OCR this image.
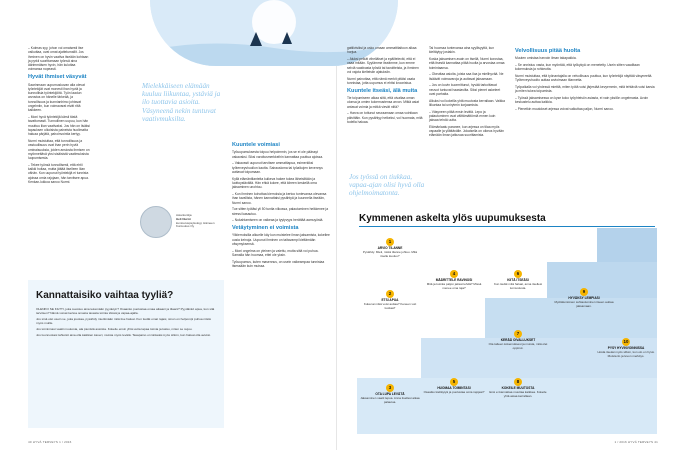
– Kolmas syy, johon voi omaisesti itse vaikuttaa, ovat omat ajattelumallit. Jos ihminen on hyvin vaativa itseään kohtaan ja pyrkii suorittamaan työnsä aina äärimmäisen hyvin, hän kuluttaa voimansa nopeasti.

Hyvät ihmiset väsyvät

Saarinmaan uupumuskuvan alla olevat työntekijät ovat monesti ihan hyviä ja kunnollisia työntekijöitä. Työn laadun arvostus on hänelle tärkeää, ja tunnollisuus ja kunnianhimo johtavat ongelmiin, kun voimavarat eivät riitä kaikkeen.

– Moni hyvä työntekijä kärsii tästä tavattomasti. Tunnollinen uupuu, kun hän muuttuu liian vaativaksi. Jos hän on lisäksi tapauksen ulkoisista paineista huolimatta haluaa pärjätä, pahoinvointia kertyy.

Nurmi muistuttaa, että tunnollisuus ja vastuullisuus ovat ihan perin hyviä ominaisuuksia, joiden ansiosta ihmisen on myönnettävä yksi sisäisistä vaatimuksista luopumisesta.

– Tekee työnsä tunnollisesti, että ehtii kaikki hoitaa, mutta jättää itselleen liian vähän. Kun uupunut työntekijä ei tunnista ajoissa omia rajojaan, hän tarvitsee apua. Kenkan-lukkoa sanoo Nurmi.

Mielekkäiseen elämään kuuluu liikuntaa, ystäviä ja ilo tuottavia asioita. Väsyneenä nekin tuntuvat vaativmuksilta.
Asiantuntija
Heli Nurmi
kuntoutuspsykologi, Hämeen Kuntoutus Oy
Kuuntele voimiasi

Työuupumuksesta toipuu helpoimmin, jos se ei ole päässyt vakavaksi. Siksi varoitusmerkkeihin kannattaa puuttua ajoissa.

– Vakavasti uupunut tarvitsee ammattiapua, esimerkiksi työterveyshuollon kautta. Sairausloma tai työaikojen kevennys auttavat toipumaan.

Kyllä elämäntilanteita kulkeva hakee tukea läheisiltään ja luottoystävältä. Hän ehkä kokee, että kiireen keskellä oma jaksaminen unohtuu.

– Kun ihminen kohottaa kierroksia ja kertoo tuntevansa olevansa ihan tavallista, hänen kannattaisi pysähtyä ja kuunnella itseään, Nurmi sanoo.

Tue sitten työtäsi yli 50 tuntia viikossa, palautuminen heikkenee ja stressi kasautuu.

– Nukahtamiseen on vaikeaa ja tyytyvyys herättää aamuyöstä.

Vetäytyminen ei voimista

Ylikierroksilla alkuelle käy kun muistelee ilman jaksamista, kokeilee uusia keinoja. Uupunut ihminen on taitavampi kieltämään väsymyksensä.

– Moni ongelma on yleinen ja vaiettu, mutta siitä voi puhua. Samalla hän huomaa, ettei ole yksin.

Työuupumus, kuten masennus, on usein vaikeampaa tunnistaa itsessään kuin muissa.

Kannattaisiko vaihtaa tyyliä?

OLENKO SE KILTTI, joka suostuu aina tekemään pyydetyn? Osaanko puolustaa omaa aikaani ja tilaani? Pyydänkö apua, kun sitä tarvitsen? Nämä voivat kertoa omasta tavasta toimia töissä ja vapaa-ajalla.

Jos sinä olet usein se, joka joustaa, pysähdy miettimään mitä itse haluat. Kun tiedät omat rajasi, sinun on helpompi puhua niistä myös muille.

Jos toiminnasi vaatii muutosta, ala pienistä asioista. Kokeile ensin yhtä uutta tapaa toimia ja katso, miten se sujuu.

Jos luonnostasi tahtoisit aina olla kaikkien kaveri, muista myös levätä. Tasapaino on tärkeää myös silloin, kun haluat olla avuksi.

40 HYVÄ TERVEYS 1 / 2016

gattiivisiksi ja usko omaan ammattitaitoon alkaa horjua.

– Aluksi pelkät viheliäiset ja epäiltelevät, että ei osaa mitään. Syytämme itseämme, kun emme selviä vaativasta työstä tai tavoitteista, ja ihminen voi vajota kielteisiin ajatuksiin.

Nurmi painottaa, että nämä merkit pitäisi osata tunnistaa, jotta uupumus ei ehtisi kroonistua.

Kuuntele itseäsi, älä muita

Tie toipumiseen alkaa siitä, että oivaltaa oman olonsa ja omien kokemustensa arvon. Mitkä asiat antavat voimia ja mitkä vievät niitä?

– Harva on tottunut seuraamaan omaa vointiaan päivittäin. Kun pysähtyy hetkeksi, voi huomata, mitä todella haluaa.

Jos työssä on tiukkaa, vapaa-ajan olisi hyvä olla ohjelmoimatonta.

Tai huomaa tuntevansa aina syyllisyyttä, kun kieltäytyy jostakin.

Koska jaksamisen avain on itsellä, Nurmi korostaa, että itsestä kannattaa pitää huolta ja arvostaa omaa toimintaansa.

– Okeuttaa asioita, joista saa iloa ja mielihyvää. Ne lisäävät voimavaroja ja auttavat jaksamaan.

– Jos on kovin kuormittunut, hyvää tarkoittavat neuvot tuntuvat haastavilta. Siksi pienet askeleet ovat parhaita.

Alkuksi voi kokeilla yhtä muutosta kerrallaan. Vaikka liikuntaa tai unirytmin korjaamista.

– Väsyneen pitää ensin levätä. Lepo ja palautuminen ovat välttämättömiä ennen kuin jaksaa tehdä uutta.

Elämänlaatu paranee, kun arjessa on tilaa myös vapaalle ja yllättävälle. Jokaisella on oikeus hyvään elämään ilman jatkuvaa suorittamista.

Velvollisuus pitää huolta

Muuten omistaa harvoin ilman takapakkia.

– Se onnistuu vasta, kun myöntää, että työkykyä on menetetty. Usein sitten vaaditaan kokemuksia ja rohkeutta.

Nurmi muistuttaa, että työnantajalla on velvollisuus puuttua, kun työntekijä näyttää väsyneeltä. Työterveyshuolto auttaa arvioimaan tilannetta.

Työpaikalla voi yhdessä miettiä, miten työtä voisi järjestää kevyemmin, mitä tehtäviä voisi karsia ja miten tukea toipumista.

– Työssä jaksamisessa on kyse koko työyhteisön asiasta, ei vain yksilön ongelmasta. Avoin keskustelu auttaa kaikkia.

– Pienetkin muutokset arjessa voivat vaikuttaa paljon, Nurmi sanoo.

Kymmenen askelta ylös uupumuksesta
1
ARVIO TILANNE
Pysähdy. Mieti, mistä tilanne johtuu. Mitä itselle kuuluu?
2
ETSI APUA
Kuka tai mikä voisi auttaa? Keneen voit luottaa?
3
OTA LUPA LEVÄTÄ
Jaksaminen vaatii lepoa. Anna itsellesi aikaa palautua.
4
MÄÄRITTELE RAVINOSI
Mitä ja kuinka paljon jaksat tehdä? Missä menee oma raja?
5
HUOMAA TOIMINTASI
Osaatko kieltäytyä ja puolustaa omia rajojasi?
6
KIITÄ ITSEÄSI
Kun tiedät mitä haluat, anna itsellesi tunnustusta.
7
KERÄÄ OIVALLUKSET
Ota talteen kokemuksesi ja muista, mitä olet oppinut.
8
KOKEILE MUUTOSTA
Ensi ei kannattaa muuttaa kaikkea. Kokeile yhtä asiaa kerrallaan.
9
HYVÄKSY LEMPIASI
Myötätuntoinen suhtautuminen itseen auttaa jaksamaan.
10
PYSY HYVINVOINNISSA
Hoida itseäsi myös silloin, kun olo on hyvä. Muista ilo ja levon merkitys.
1 / 2016 HYVÄ TERVEYS 41
